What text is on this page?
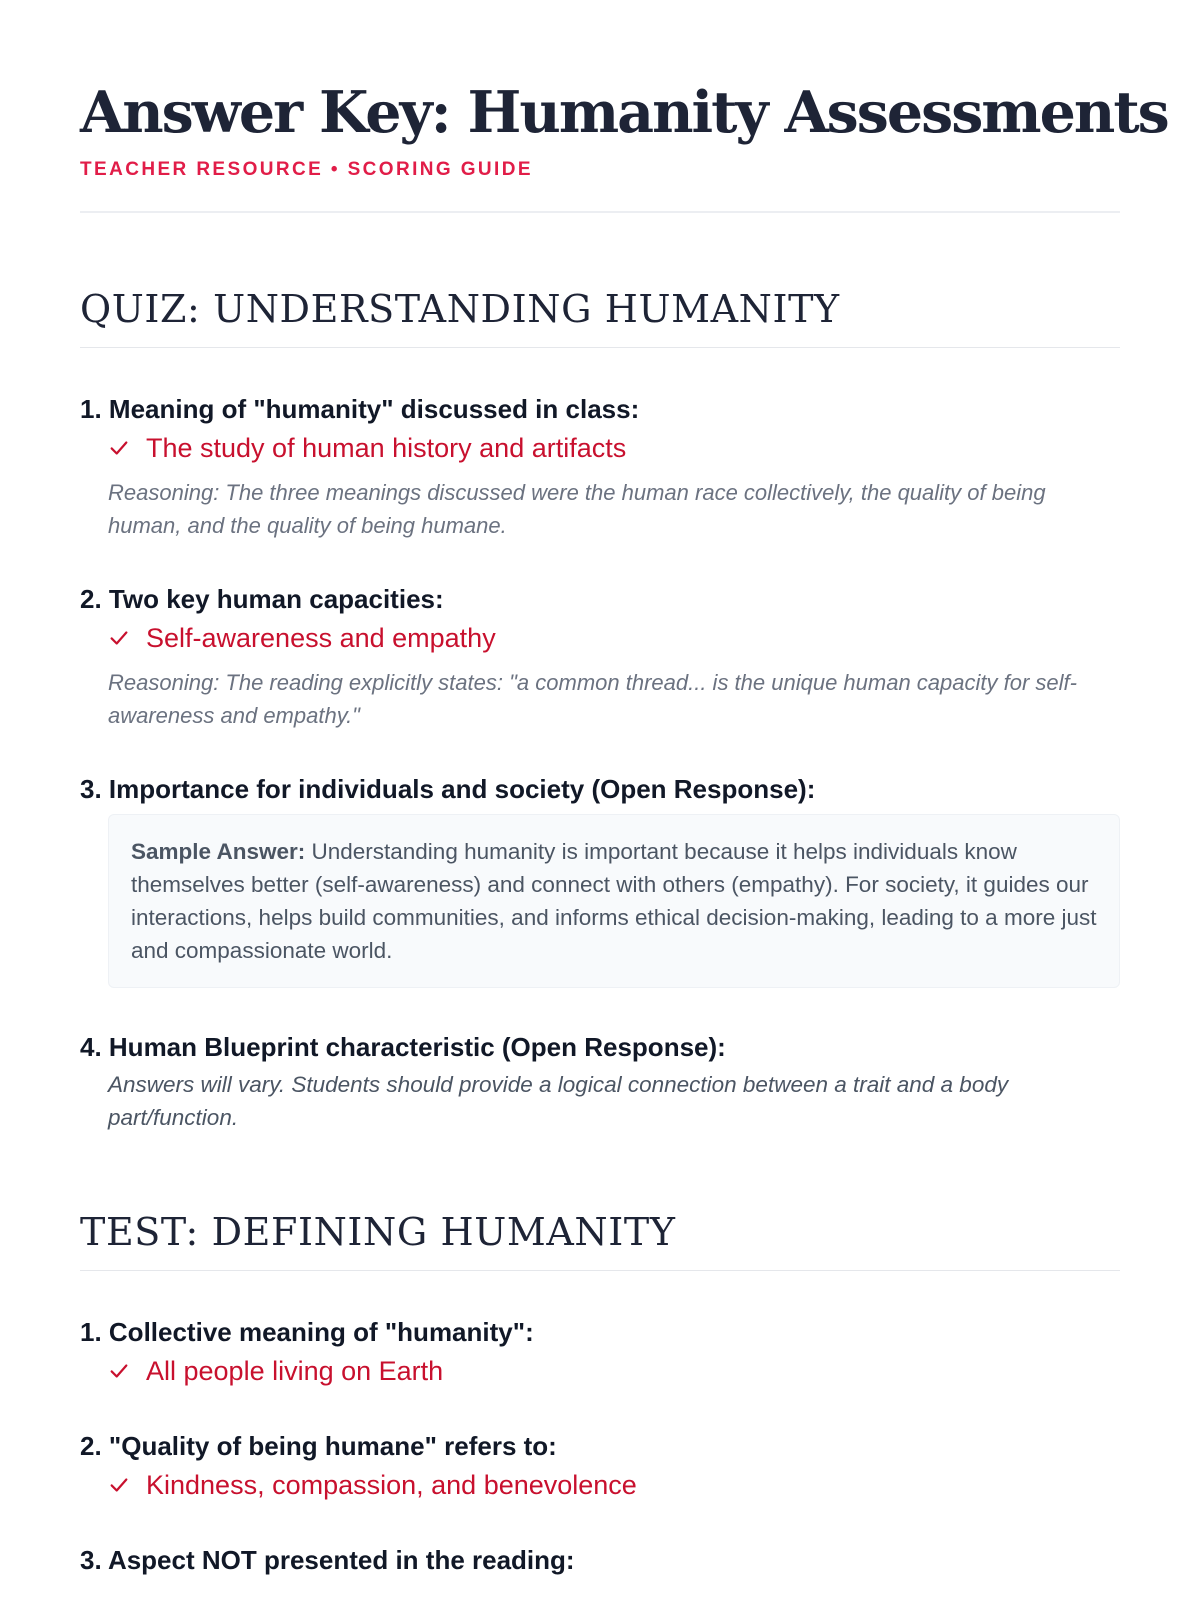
Answer Key: Humanity Assessments
TEACHER RESOURCE • SCORING GUIDE
QUIZ: UNDERSTANDING HUMANITY
1. Meaning of "humanity" discussed in class:
The study of human history and artifacts
Reasoning: The three meanings discussed were the human race collectively, the quality of being human, and the quality of being humane.
2. Two key human capacities:
Self-awareness and empathy
Reasoning: The reading explicitly states: "a common thread... is the unique human capacity for self-awareness and empathy."
3. Importance for individuals and society (Open Response):
Sample Answer: Understanding humanity is important because it helps individuals know themselves better (self-awareness) and connect with others (empathy). For society, it guides our interactions, helps build communities, and informs ethical decision-making, leading to a more just and compassionate world.
4. Human Blueprint characteristic (Open Response):
Answers will vary. Students should provide a logical connection between a trait and a body part/function.
TEST: DEFINING HUMANITY
1. Collective meaning of "humanity":
All people living on Earth
2. "Quality of being humane" refers to:
Kindness, compassion, and benevolence
3. Aspect NOT presented in the reading:
